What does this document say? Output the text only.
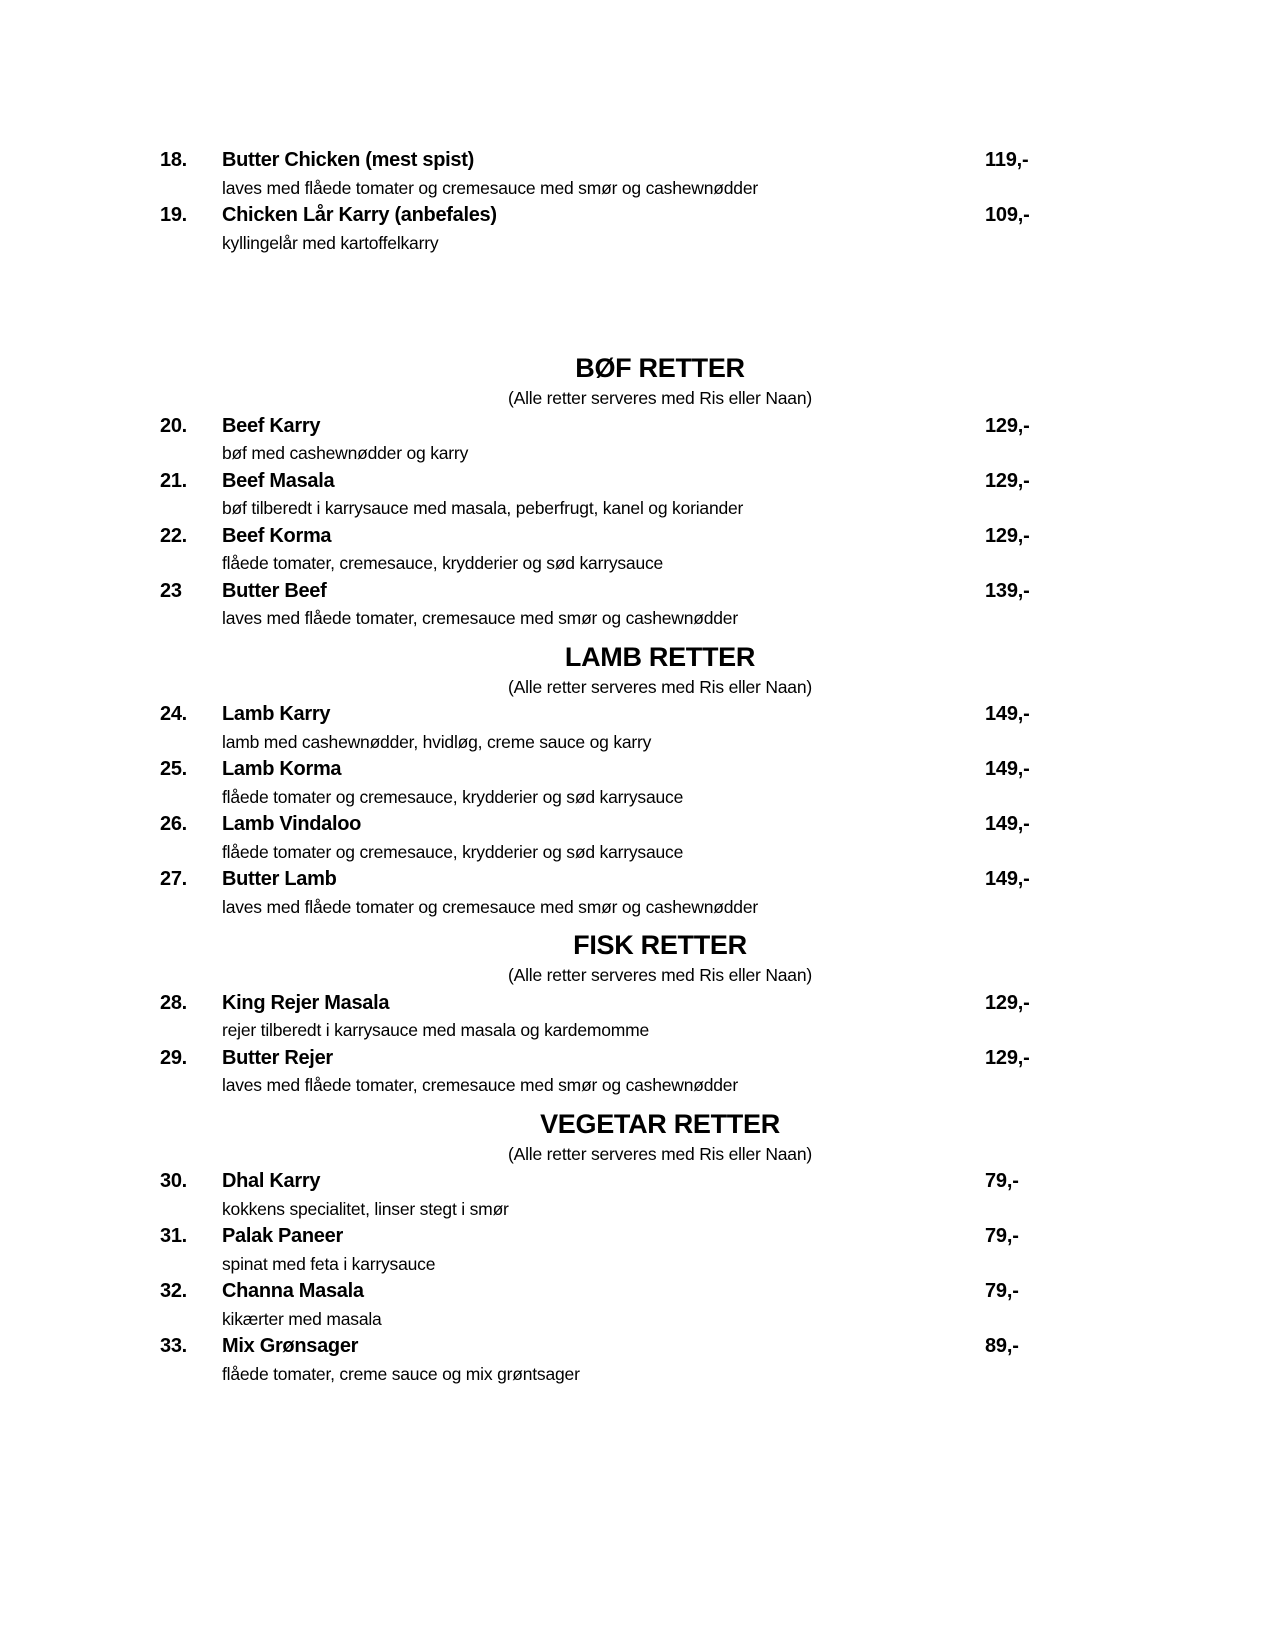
18.	Butter Chicken (mest spist)	119,-
laves med flåede tomater og cremesauce med smør og cashewnødder
19.	Chicken Lår Karry (anbefales)	109,-
kyllingelår med kartoffelkarry
BØF RETTER
(Alle retter serveres med Ris eller Naan)
20.	Beef Karry	129,-
bøf med cashewnødder og karry
21.	Beef Masala	129,-
bøf tilberedt i karrysauce med masala, peberfrugt, kanel og koriander
22.	Beef Korma	129,-
flåede tomater, cremesauce, krydderier og sød karrysauce
23	Butter Beef	139,-
laves med flåede tomater, cremesauce med smør og cashewnødder
LAMB RETTER
(Alle retter serveres med Ris eller Naan)
24.	Lamb Karry	149,-
lamb med cashewnødder, hvidløg, creme sauce og karry
25.	Lamb Korma	149,-
flåede tomater og cremesauce, krydderier og sød karrysauce
26.	Lamb Vindaloo	149,-
flåede tomater og cremesauce, krydderier og sød karrysauce
27.	Butter Lamb	149,-
laves med flåede tomater og cremesauce med smør og cashewnødder
FISK RETTER
(Alle retter serveres med Ris eller Naan)
28.	King Rejer Masala	129,-
rejer tilberedt i karrysauce med masala og kardemomme
29.	Butter Rejer	129,-
laves med flåede tomater, cremesauce med smør og cashewnødder
VEGETAR RETTER
(Alle retter serveres med Ris eller Naan)
30.	Dhal Karry	79,-
kokkens specialitet, linser stegt i smør
31.	Palak Paneer	79,-
spinat med feta i karrysauce
32.	Channa Masala	79,-
kikærter med masala
33.	Mix Grønsager	89,-
flåede tomater, creme sauce og mix grøntsager
